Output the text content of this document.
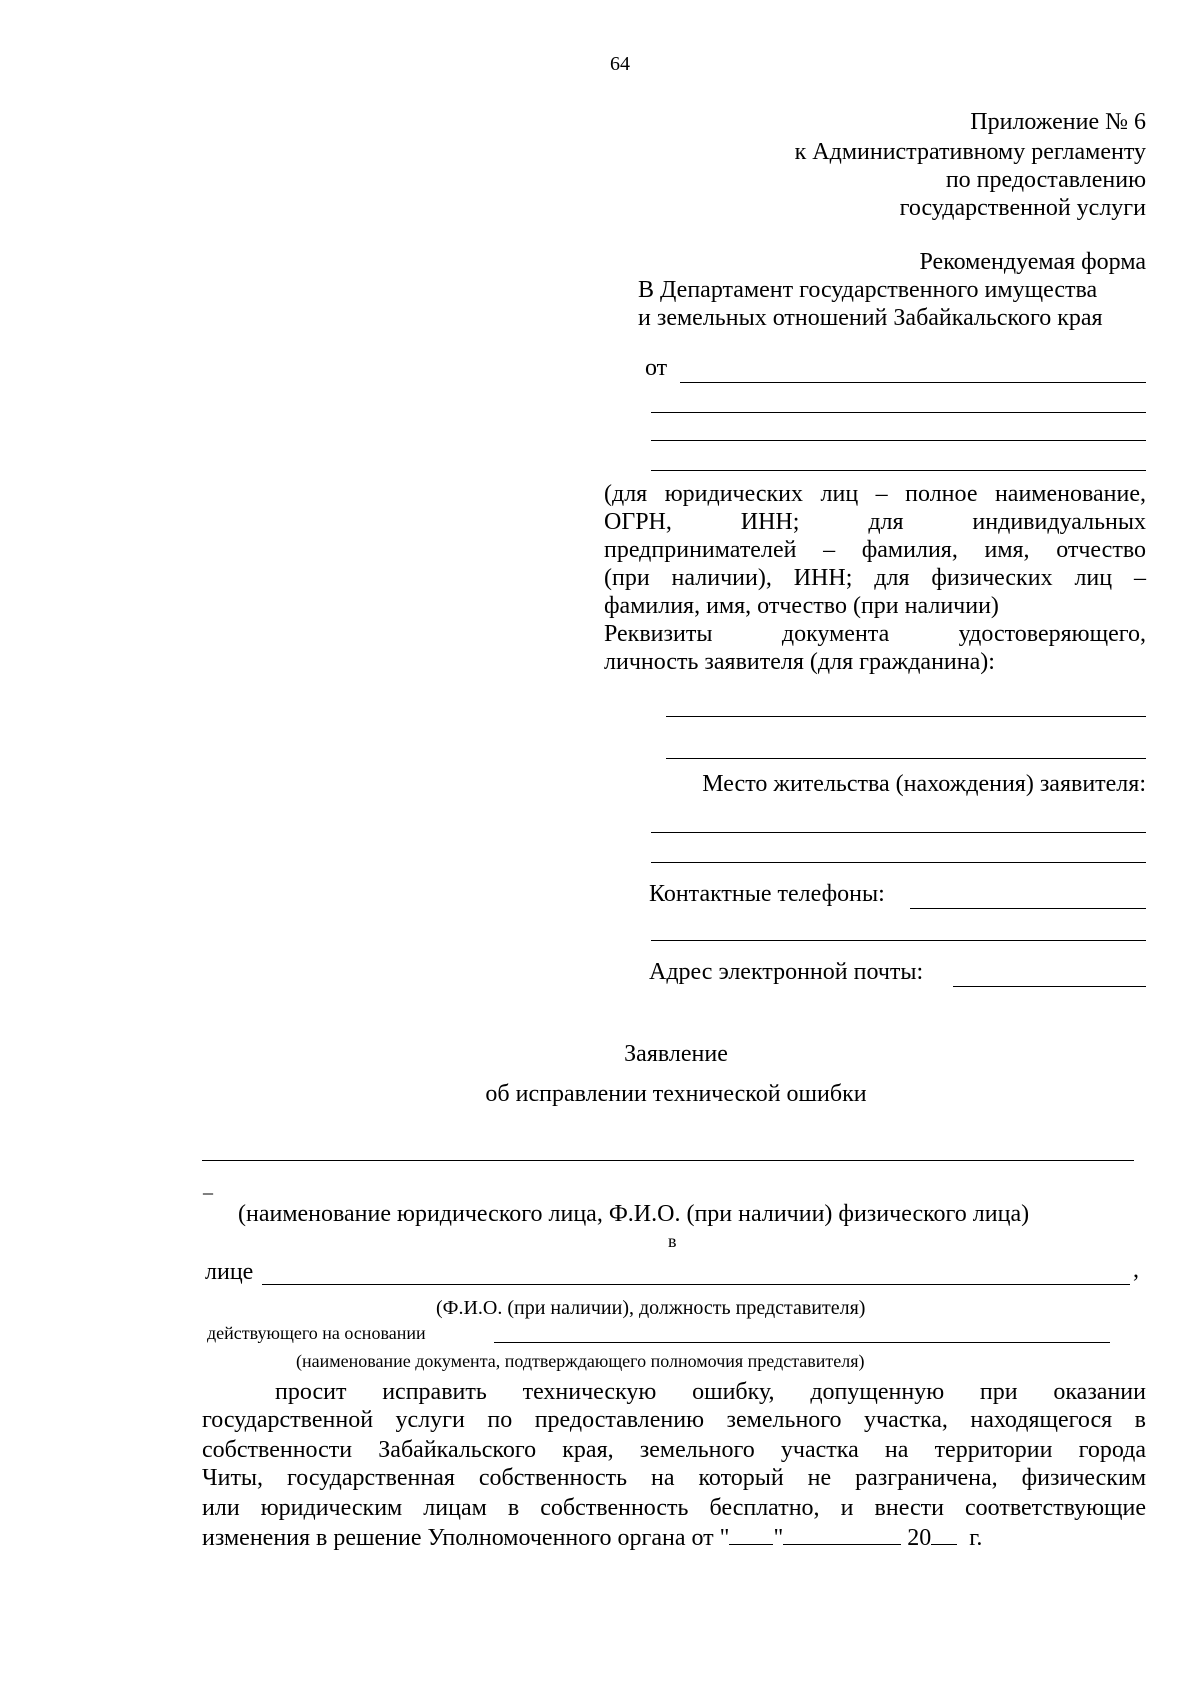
64
Приложение № 6
к Административному регламенту
по предоставлению
государственной услуги
Рекомендуемая форма
В Департамент государственного имущества
и земельных отношений Забайкальского края
от
(для юридических лиц – полное наименование,
ОГРН, ИНН; для индивидуальных
предпринимателей – фамилия, имя, отчество
(при наличии), ИНН; для физических лиц –
фамилия, имя, отчество (при наличии)
Реквизиты документа удостоверяющего,
личность заявителя (для гражданина):
Место жительства (нахождения) заявителя:
Контактные телефоны:
Адрес электронной почты:
Заявление
об исправлении технической ошибки
_
(наименование юридического лица, Ф.И.О. (при наличии) физического лица)
в
лице	,
(Ф.И.О. (при наличии), должность представителя)
действующего на основании
(наименование документа, подтверждающего полномочия представителя)
просит исправить техническую ошибку, допущенную при оказании
государственной услуги по предоставлению земельного участка, находящегося в
собственности Забайкальского края, земельного участка на территории города
Читы, государственная собственность на который не разграничена, физическим
или юридическим лицам в собственность бесплатно, и внести соответствующие
изменения в решение Уполномоченного органа от " "	20 г.
